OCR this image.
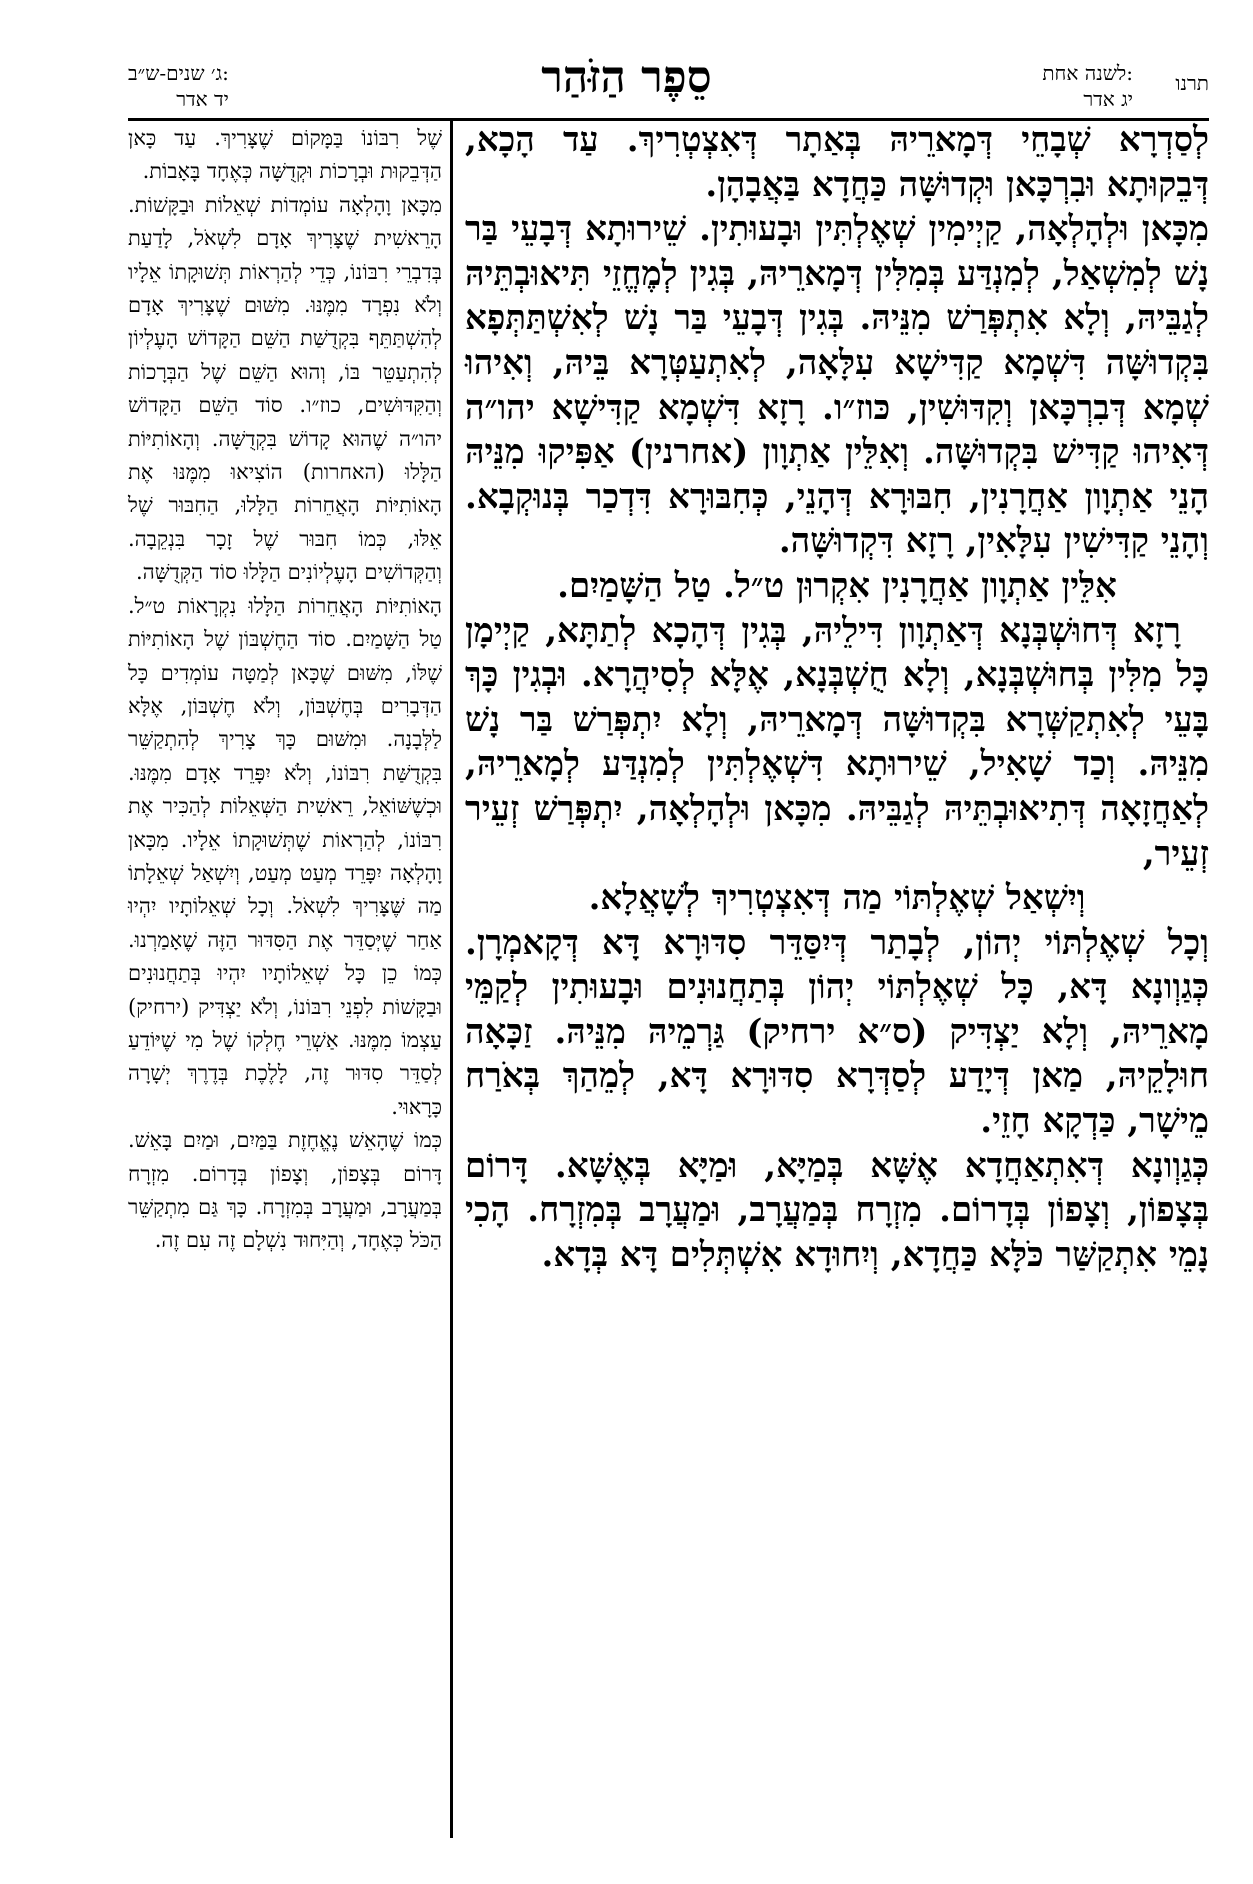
תרנו
לשנה אחת:
יג אדר
סֵפֶר הַזֹּהַר
ג׳ שנים-ש״ב:
יד אדר

לְסַדְרָא שְׁבָחֵי דְּמָארֵיהּ בְּאַתָר דְּאִצְטְרִיךְ. עַד הָכָא, דְּבֵקוּתָא וּבִרְכָּאן וּקְדוּשָּׁה כַּחֲדָא בַּאֲבָהָן.

מִכָּאן וּלְהָלְאָה, קַיְימִין שְׁאֶלְתִּין וּבָעוּתִין. שֵׁירוּתָא דְּבָעֵי בַּר נָשׁ לְמִשְׁאַל, לְמִנְדַּע בְּמִלִּין דְּמָארֵיהּ, בְּגִין לְמֶחֱזֵי תִּיאוּבְתֵּיהּ לְגַבֵּיהּ, וְלָא אִתְפְּרַשׁ מִנֵּיהּ. בְּגִין דְּבָעֵי בַּר נָשׁ לְאִשְׁתַּתְּפָא בִּקְדוּשָּׁה דִּשְׁמָא קַדִּישָׁא עִלָּאָה, לְאִתְעַטְּרָא בֵּיהּ, וְאִיהוּ שְׁמָא דְּבִרְכָּאן וְקִדּוּשִׁין, כּוז״ו. רָזָא דִּשְׁמָא קַדִּישָׁא יהו״ה דְּאִיהוּ קַדִּישׁ בִּקְדוּשָּׁה. וְאִלֵּין אַתְוָון (אחרנין) אַפִּיקוּ מִנֵּיהּ הָנֵי אַתְוָון אַחֲרָנִין, חִבּוּרָא דְּהָנֵי, כְּחִבּוּרָא דִּדְכַר בְּנוּקְבָא. וְהָנֵי קַדִּישִׁין עִלָּאִין, רָזָא דִּקְדוּשָּׁה.

אִלֵּין אַתְוָון אַחֲרָנִין אִקְרוּן ט״ל. טַל הַשָּׁמַיִם.

רָזָא דְּחוּשְׁבְּנָא דְּאַתְוָון דִּילֵיהּ, בְּגִין דְּהָכָא לְתַתָּא, קַיְימָן כָּל מִלִּין בְּחוּשְׁבְּנָא, וְלָא חֻשְׁבְּנָא, אֶלָּא לְסִיהֲרָא. וּבְגִין כָּךְ בָּעֵי לְאִתְקַשְּׁרָא בִּקְדוּשָּׁה דְּמָארֵיהּ, וְלָא יִתְפְּרַשׁ בַּר נָשׁ מִנֵּיהּ. וְכַד שָׁאִיל, שֵׁירוּתָא דִּשְׁאֶלְתִּין לְמִנְדַּע לְמָארֵיהּ, לְאַחֲזָאָה דְּתִיאוּבְתֵּיהּ לְגַבֵּיהּ. מִכָּאן וּלְהָלְאָה, יִתְפְּרַשׁ זְעֵיר זְעֵיר,

וְיִשְׁאַל שְׁאֶלְתּוֹי מַה דְּאִצְטְרִיךְ לְשָׁאֲלָא.

וְכָל שְׁאֶלְתּוֹי יְהוֹן, לְבָתַר דְּיִסַּדֵּר סִדּוּרָא דָּא דְּקָאמְרָן. כְּגַוְונָא דָּא, כָּל שְׁאֶלְתּוֹי יְהוֹן בְּתַחֲנוּנִים וּבָעוּתִין לְקַמֵּי מָארֵיהּ, וְלָא יַצְדִּיק (ס״א ירחיק) גַּרְמֵיהּ מִנֵּיהּ. זַכָּאָה חוּלָקֵיהּ, מַאן דְּיָדַע לְסַדְּרָא סִדּוּרָא דָּא, לְמֵהַךְ בְּאֹרַח מֵישָׁר, כַּדְקָא חָזֵי.

כְּגַוְונָא דְּאִתְאַחֲדָא אֶשָּׁא בְּמַיָּא, וּמַיָּא בְּאֶשָּׁא. דָּרוֹם בְּצָפוֹן, וְצָפוֹן בְּדָרוֹם. מִזְרָח בְּמַעֲרָב, וּמַעֲרָב בְּמִזְרָח. הָכִי נָמֵי אִתְקַשַּׁר כֹּלָּא כַּחֲדָא, וְיִחוּדָא אִשְׁתְּלִים דָּא בְּדָא.

שֶׁל רִבּוֹנוֹ בַּמָּקוֹם שֶׁצָּרִיךְ. עַד כָּאן הַדְּבֵקוּת וּבְרָכוֹת וּקְדֻשָּׁה כְּאֶחָד בָּאָבוֹת.

מִכָּאן וָהָלְאָה עוֹמְדוֹת שְׁאֵלוֹת וּבַקָּשׁוֹת. הָרֵאשִׁית שֶׁצָּרִיךְ אָדָם לִשְׁאֹל, לָדַעַת בְּדִבְרֵי רִבּוֹנוֹ, כְּדֵי לְהַרְאוֹת תְּשׁוּקָתוֹ אֵלָיו וְלֹא נִפְרָד מִמֶּנּוּ. מִשּׁוּם שֶׁצָּרִיךְ אָדָם לְהִשְׁתַּתֵּף בִּקְדֻשַּׁת הַשֵּׁם הַקָּדוֹשׁ הָעֶלְיוֹן לְהִתְעַטֵּר בּוֹ, וְהוּא הַשֵּׁם שֶׁל הַבְּרָכוֹת וְהַקִּדּוּשִׁים, כוז״ו. סוֹד הַשֵּׁם הַקָּדוֹשׁ יהו״ה שֶׁהוּא קָדוֹשׁ בִּקְדֻשָּׁה. וְהָאוֹתִיּוֹת הַלָּלוּ (האחרות) הוֹצִיאוּ מִמֶּנּוּ אֶת הָאוֹתִיּוֹת הָאֲחֵרוֹת הַלָּלוּ, הַחִבּוּר שֶׁל אֵלּוּ, כְּמוֹ חִבּוּר שֶׁל זָכָר בִּנְקֵבָה. וְהַקְּדוֹשִׁים הָעֶלְיוֹנִים הַלָּלוּ סוֹד הַקְּדֻשָּׁה.

הָאוֹתִיּוֹת הָאֲחֵרוֹת הַלָּלוּ נִקְרָאוֹת ט״ל. טַל הַשָּׁמַיִם. סוֹד הַחֶשְׁבּוֹן שֶׁל הָאוֹתִיּוֹת שֶׁלּוֹ, מִשּׁוּם שֶׁכָּאן לְמַטָּה עוֹמְדִים כָּל הַדְּבָרִים בְּחֶשְׁבּוֹן, וְלֹא חֶשְׁבּוֹן, אֶלָּא לַלְּבָנָה. וּמִשּׁוּם כָּךְ צָרִיךְ לְהִתְקַשֵּׁר בִּקְדֻשַּׁת רִבּוֹנוֹ, וְלֹא יִפָּרֵד אָדָם מִמֶּנּוּ. וּכְשֶׁשּׁוֹאֵל, רֵאשִׁית הַשְּׁאֵלוֹת לְהַכִּיר אֶת רִבּוֹנוֹ, לְהַרְאוֹת שֶׁתְּשׁוּקָתוֹ אֵלָיו. מִכָּאן וָהָלְאָה יִפָּרֵד מְעַט מְעַט, וְיִשְׁאַל שְׁאֵלָתוֹ מַה שֶּׁצָּרִיךְ לִשְׁאֹל. וְכָל שְׁאֵלוֹתָיו יִהְיוּ אַחַר שֶׁיְּסַדֵּר אֶת הַסִּדּוּר הַזֶּה שֶׁאָמַרְנוּ. כְּמוֹ כֵן כָּל שְׁאֵלוֹתָיו יִהְיוּ בְּתַחֲנוּנִים וּבַקָּשׁוֹת לִפְנֵי רִבּוֹנוֹ, וְלֹא יַצְדִּיק (ירחיק) עַצְמוֹ מִמֶּנּוּ. אַשְׁרֵי חֶלְקוֹ שֶׁל מִי שֶׁיּוֹדֵעַ לְסַדֵּר סִדּוּר זֶה, לָלֶכֶת בְּדֶרֶךְ יְשָׁרָה כָּרָאוּי.

כְּמוֹ שֶׁהָאֵשׁ נֶאֱחֶזֶת בַּמַּיִם, וּמַיִם בָּאֵשׁ. דָּרוֹם בְּצָפוֹן, וְצָפוֹן בְּדָרוֹם. מִזְרָח בְּמַעֲרָב, וּמַעֲרָב בְּמִזְרָח. כָּךְ גַּם מִתְקַשֵּׁר הַכֹּל כְּאֶחָד, וְהַיִּחוּד נִשְׁלָם זֶה עִם זֶה.
